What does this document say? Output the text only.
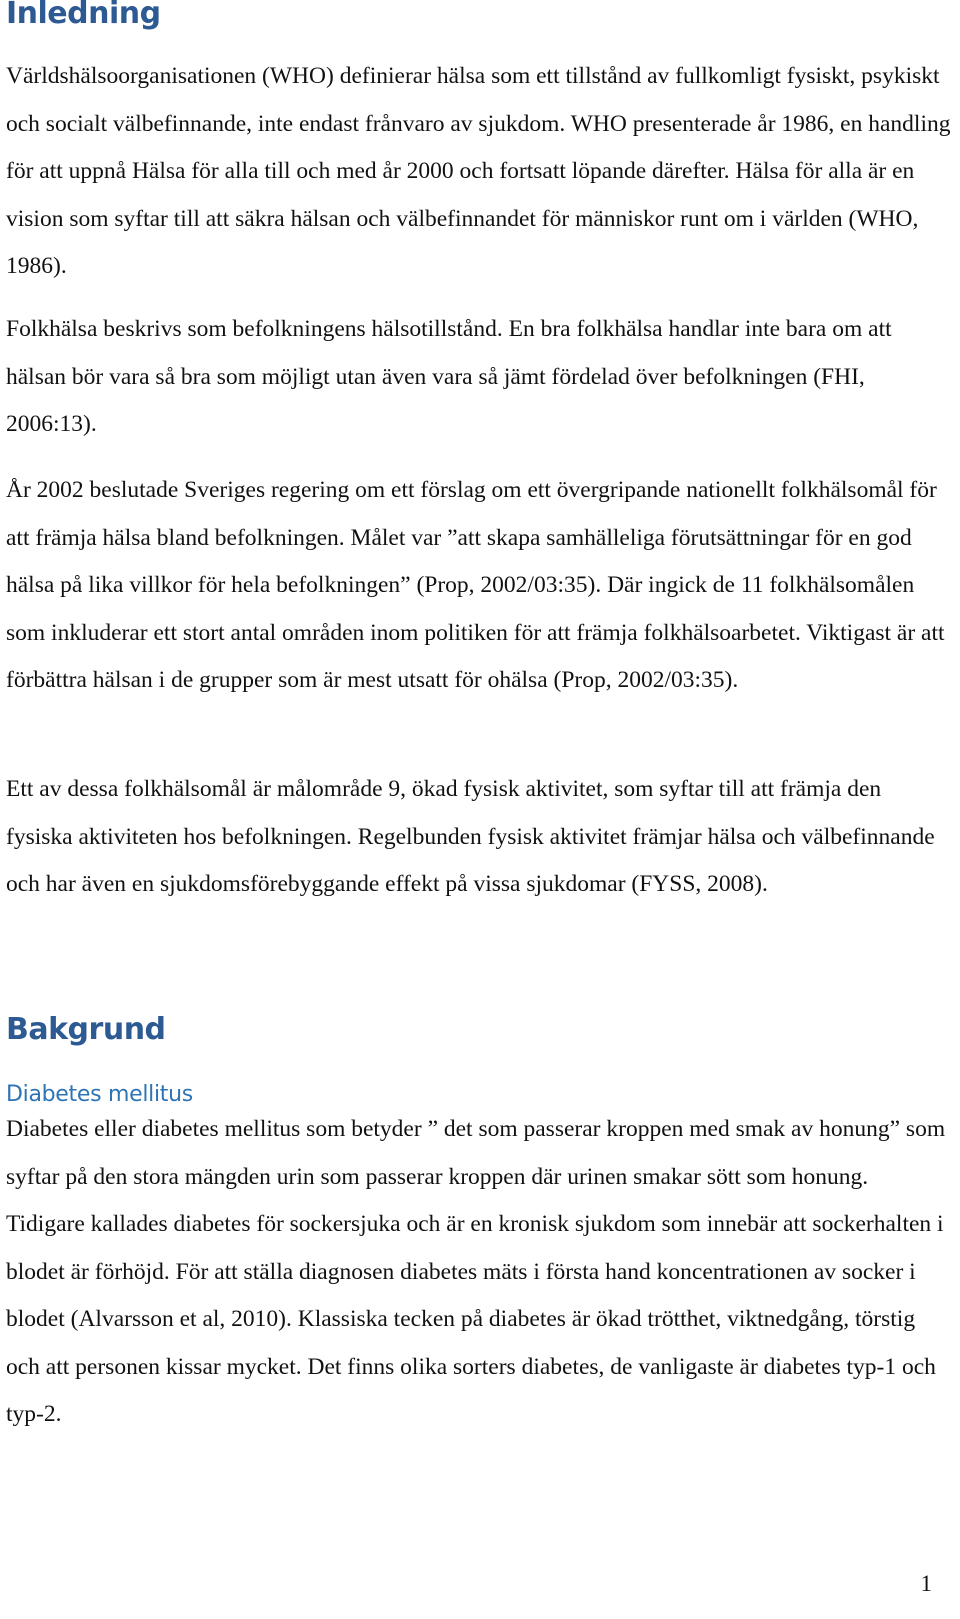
Inledning

Världshälsoorganisationen (WHO) definierar hälsa som ett tillstånd av fullkomligt fysiskt, psykiskt och socialt välbefinnande, inte endast frånvaro av sjukdom. WHO presenterade år 1986, en handling för att uppnå Hälsa för alla till och med år 2000 och fortsatt löpande därefter. Hälsa för alla är en vision som syftar till att säkra hälsan och välbefinnandet för människor runt om i världen (WHO, 1986).

Folkhälsa beskrivs som befolkningens hälsotillstånd. En bra folkhälsa handlar inte bara om att hälsan bör vara så bra som möjligt utan även vara så jämt fördelad över befolkningen (FHI, 2006:13).

År 2002 beslutade Sveriges regering om ett förslag om ett övergripande nationellt folkhälsomål för att främja hälsa bland befolkningen. Målet var ”att skapa samhälleliga förutsättningar för en god hälsa på lika villkor för hela befolkningen” (Prop, 2002/03:35). Där ingick de 11 folkhälsomålen som inkluderar ett stort antal områden inom politiken för att främja folkhälsoarbetet. Viktigast är att förbättra hälsan i de grupper som är mest utsatt för ohälsa (Prop, 2002/03:35).

Ett av dessa folkhälsomål är målområde 9, ökad fysisk aktivitet, som syftar till att främja den fysiska aktiviteten hos befolkningen. Regelbunden fysisk aktivitet främjar hälsa och välbefinnande och har även en sjukdomsförebyggande effekt på vissa sjukdomar (FYSS, 2008).

Bakgrund
Diabetes mellitus

Diabetes eller diabetes mellitus som betyder ” det som passerar kroppen med smak av honung” som syftar på den stora mängden urin som passerar kroppen där urinen smakar sött som honung. Tidigare kallades diabetes för sockersjuka och är en kronisk sjukdom som innebär att sockerhalten i blodet är förhöjd. För att ställa diagnosen diabetes mäts i första hand koncentrationen av socker i blodet (Alvarsson et al, 2010). Klassiska tecken på diabetes är ökad trötthet, viktnedgång, törstig och att personen kissar mycket. Det finns olika sorters diabetes, de vanligaste är diabetes typ-1 och typ-2.

1
